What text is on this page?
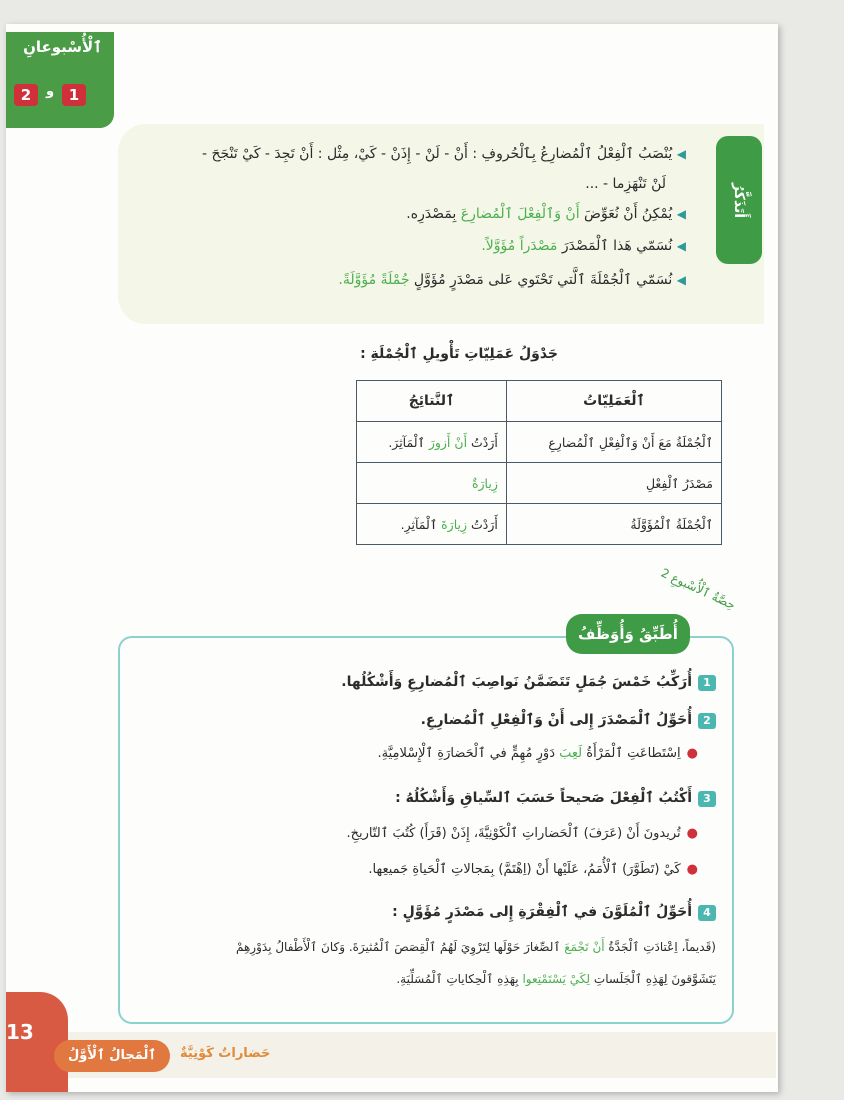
ٱلْأُسْبوعانِ
2	و 1
أَتَذَكَّرُ
◀ يُنْصَبُ ٱلْفِعْلُ ٱلْمُضارِعُ بِٱلْحُروفِ : أَنْ - لَنْ - إِذَنْ - كَيْ، مِثْل : أَنْ تَجِدَ - كَيْ تَنْجَحَ -
لَنْ تَنْهَزِما - ...
◀ يُمْكِنُ أَنْ نُعَوِّضَ أَنْ وَٱلْفِعْلَ ٱلْمُضارِعَ بِمَصْدَرِه.
◀ نُسَمّي هَذا ٱلْمَصْدَرَ مَصْدَراً مُؤَوَّلاً.
◀ نُسَمّي ٱلْجُمْلَةَ ٱلَّتي تَحْتَوي عَلى مَصْدَرٍ مُؤَوَّلٍ جُمْلَةً مُؤَوَّلَةً.
جَدْوَلُ عَمَلِيّاتِ تَأْويلِ ٱلْجُمْلَةِ :
ٱلْعَمَلِيّاتُ	ٱلنَّتائِجُ
ٱلْجُمْلَةُ مَعَ أَنْ وَٱلْفِعْلِ ٱلْمُضارِعِ	أَرَدْتُ أَنْ أَزورَ ٱلْمَآثِرَ.
مَصْدَرُ ٱلْفِعْلِ	زِيارَةٌ
ٱلْجُمْلَةُ ٱلْمُؤَوَّلَةُ	أَرَدْتُ زِيارَةَ ٱلْمَآثِرِ.
حِصَّةُ ٱلْأُسْبوعِ 2
أُطَبِّقُ وَأُوَظِّفُ
1أُرَكِّبُ خَمْسَ جُمَلٍ تَتَضَمَّنُ نَواصِبَ ٱلْمُضارِعِ وَأَشْكُلُها.
2أُحَوِّلُ ٱلْمَصْدَرَ إِلى أَنْ وَٱلْفِعْلِ ٱلْمُضارِعِ.
●اِسْتَطاعَتِ ٱلْمَرْأَةُ لَعِبَ دَوْرٍ مُهِمٍّ في ٱلْحَضارَةِ ٱلْإِسْلامِيَّةِ.
3أَكْتُبُ ٱلْفِعْلَ صَحيحاً حَسَبَ ٱلسِّياقِ وَأَشْكُلُهُ :
●تُريدونَ أَنْ (عَرَفَ) ٱلْحَضاراتِ ٱلْكَوْنِيَّةَ، إِذَنْ (قَرَأَ) كُتُبَ ٱلتّاريخِ.
●كَيْ (تَطَوَّرَ) ٱلْأُمَمُ، عَلَيْها أَنْ (اِهْتَمَّ) بِمَجالاتِ ٱلْحَياةِ جَميعِها.
4أُحَوِّلُ ٱلْمُلَوَّنَ في ٱلْفِقْرَةِ إِلى مَصْدَرٍ مُؤَوَّلٍ :
(قَديماً، اِعْتادَتِ ٱلْجَدَّةُ أَنْ تَجْمَعَ ٱلصِّغارَ حَوْلَها لِتَرْوِيَ لَهُمُ ٱلْقِصَصَ ٱلْمُثيرَةَ. وَكانَ ٱلْأَطْفالُ بِدَوْرِهِمْ
يَتَشَوَّقونَ لِهَذِهِ ٱلْجَلَساتِ لِكَيْ يَسْتَمْتِعوا بِهَذِهِ ٱلْحِكاياتِ ٱلْمُسَلِّيَةِ.
13
ٱلْمَجالُ ٱلْأَوَّلُ	حَضاراتٌ كَوْنِيَّةٌ
